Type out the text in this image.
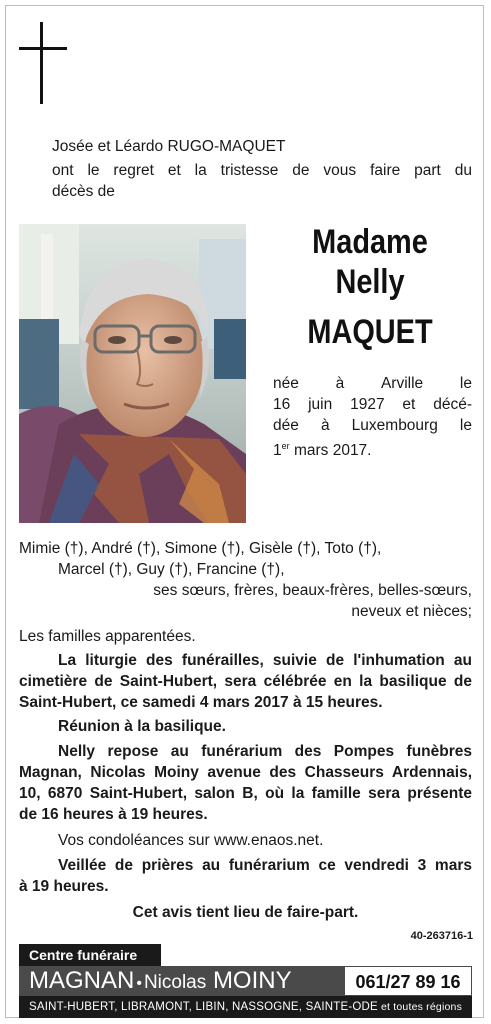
Josée et Léardo RUGO-MAQUET
ont le regret et la tristesse de vous faire part du
décès de
Madame
Nelly
MAQUET
née à Arville le
16 juin 1927 et décé-
dée à Luxembourg le
1er mars 2017.
Mimie (†), André (†), Simone (†), Gisèle (†), Toto (†),
Marcel (†), Guy (†), Francine (†),
ses sœurs, frères, beaux-frères, belles-sœurs,
neveux et nièces;
Les familles apparentées.
La liturgie des funérailles, suivie de l'inhumation au
cimetière de Saint-Hubert, sera célébrée en la basilique de
Saint-Hubert, ce samedi 4 mars 2017 à 15 heures.
Réunion à la basilique.
Nelly repose au funérarium des Pompes funèbres
Magnan, Nicolas Moiny avenue des Chasseurs Ardennais,
10, 6870 Saint-Hubert, salon B, où la famille sera présente
de 16 heures à 19 heures.
Vos condoléances sur www.enaos.net.
Veillée de prières au funérarium ce vendredi 3 mars
à 19 heures.
Cet avis tient lieu de faire-part.
40-263716-1
Centre funéraire
MAGNAN • Nicolas MOINY	061/27 89 16
SAINT-HUBERT, LIBRAMONT, LIBIN, NASSOGNE, SAINTE-ODE et toutes régions
